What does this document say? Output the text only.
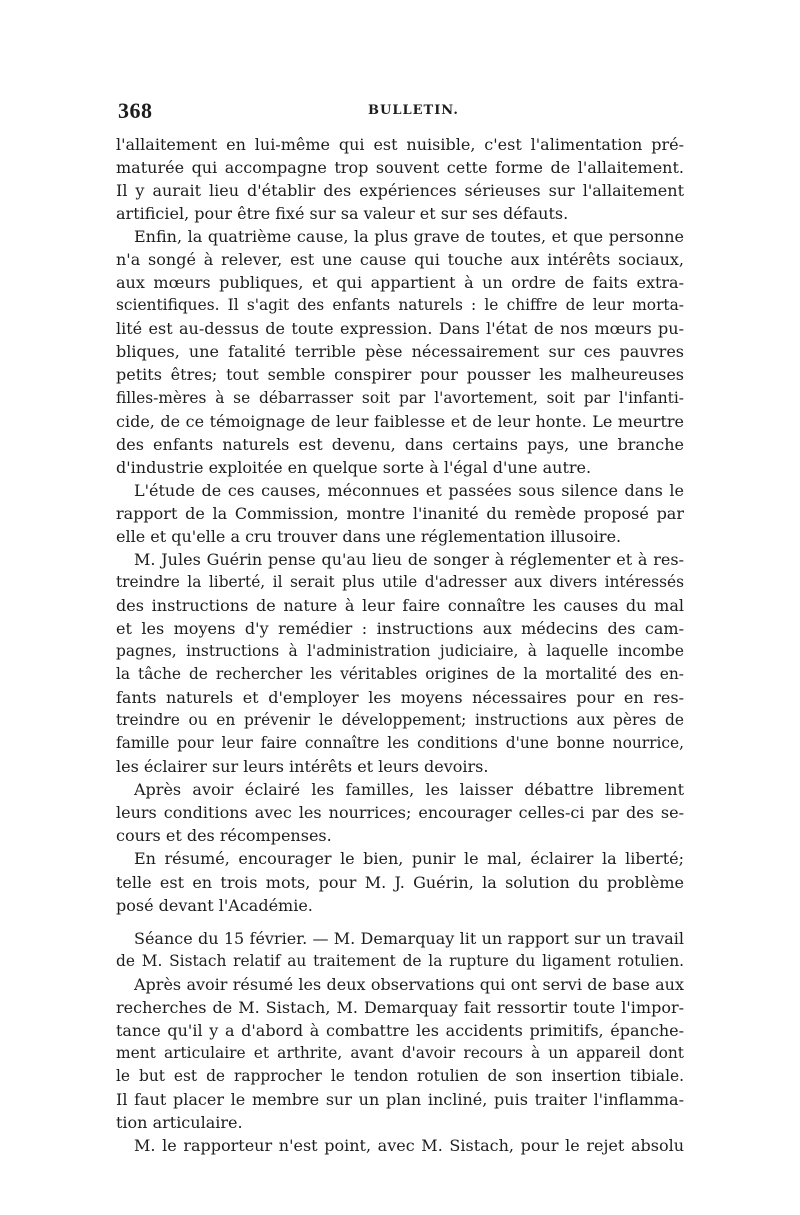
368	BULLETIN.
l'allaitement en lui-même qui est nuisible, c'est l'alimentation pré-
maturée qui accompagne trop souvent cette forme de l'allaitement.
Il y aurait lieu d'établir des expériences sérieuses sur l'allaitement
artificiel, pour être fixé sur sa valeur et sur ses défauts.
Enfin, la quatrième cause, la plus grave de toutes, et que personne
n'a songé à relever, est une cause qui touche aux intérêts sociaux,
aux mœurs publiques, et qui appartient à un ordre de faits extra-
scientifiques. Il s'agit des enfants naturels : le chiffre de leur morta-
lité est au-dessus de toute expression. Dans l'état de nos mœurs pu-
bliques, une fatalité terrible pèse nécessairement sur ces pauvres
petits êtres; tout semble conspirer pour pousser les malheureuses
filles-mères à se débarrasser soit par l'avortement, soit par l'infanti-
cide, de ce témoignage de leur faiblesse et de leur honte. Le meurtre
des enfants naturels est devenu, dans certains pays, une branche
d'industrie exploitée en quelque sorte à l'égal d'une autre.
L'étude de ces causes, méconnues et passées sous silence dans le
rapport de la Commission, montre l'inanité du remède proposé par
elle et qu'elle a cru trouver dans une réglementation illusoire.
M. Jules Guérin pense qu'au lieu de songer à réglementer et à res-
treindre la liberté, il serait plus utile d'adresser aux divers intéressés
des instructions de nature à leur faire connaître les causes du mal
et les moyens d'y remédier : instructions aux médecins des cam-
pagnes, instructions à l'administration judiciaire, à laquelle incombe
la tâche de rechercher les véritables origines de la mortalité des en-
fants naturels et d'employer les moyens nécessaires pour en res-
treindre ou en prévenir le développement; instructions aux pères de
famille pour leur faire connaître les conditions d'une bonne nourrice,
les éclairer sur leurs intérêts et leurs devoirs.
Après avoir éclairé les familles, les laisser débattre librement
leurs conditions avec les nourrices; encourager celles-ci par des se-
cours et des récompenses.
En résumé, encourager le bien, punir le mal, éclairer la liberté;
telle est en trois mots, pour M. J. Guérin, la solution du problème
posé devant l'Académie.
Séance du 15 février. — M. Demarquay lit un rapport sur un travail
de M. Sistach relatif au traitement de la rupture du ligament rotulien.
Après avoir résumé les deux observations qui ont servi de base aux
recherches de M. Sistach, M. Demarquay fait ressortir toute l'impor-
tance qu'il y a d'abord à combattre les accidents primitifs, épanche-
ment articulaire et arthrite, avant d'avoir recours à un appareil dont
le but est de rapprocher le tendon rotulien de son insertion tibiale.
Il faut placer le membre sur un plan incliné, puis traiter l'inflamma-
tion articulaire.
M. le rapporteur n'est point, avec M. Sistach, pour le rejet absolu
